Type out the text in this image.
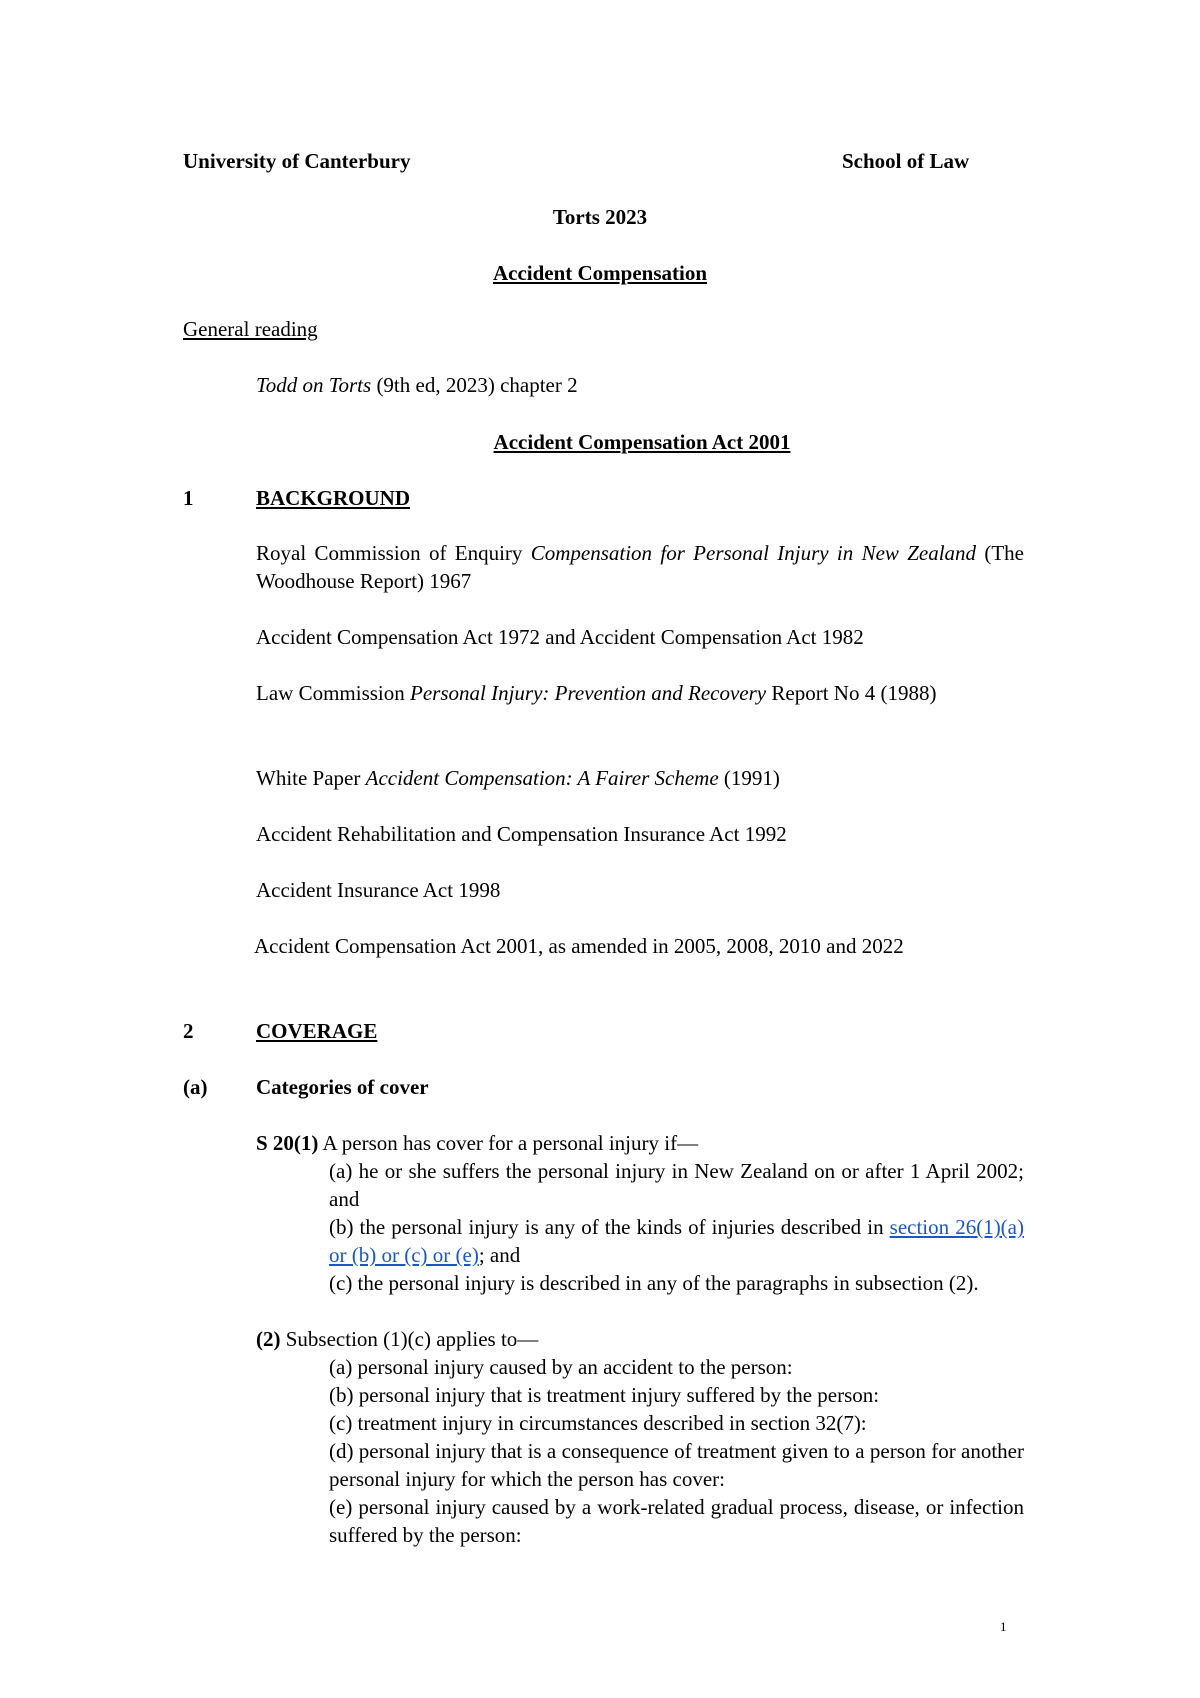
University of Canterbury	School of Law
Torts 2023
Accident Compensation
General reading
Todd on Torts (9th ed, 2023) chapter 2
Accident Compensation Act 2001
1	BACKGROUND
Royal Commission of Enquiry Compensation for Personal Injury in New Zealand (The Woodhouse Report) 1967
Accident Compensation Act 1972 and Accident Compensation Act 1982
Law Commission Personal Injury: Prevention and Recovery Report No 4 (1988)
White Paper Accident Compensation: A Fairer Scheme (1991)
Accident Rehabilitation and Compensation Insurance Act 1992
Accident Insurance Act 1998
Accident Compensation Act 2001, as amended in 2005, 2008, 2010 and 2022
2	COVERAGE
(a) Categories of cover
S 20(1) A person has cover for a personal injury if—
(a) he or she suffers the personal injury in New Zealand on or after 1 April 2002; and
(b) the personal injury is any of the kinds of injuries described in section 26(1)(a) or (b) or (c) or (e); and
(c) the personal injury is described in any of the paragraphs in subsection (2).
(2) Subsection (1)(c) applies to—
(a) personal injury caused by an accident to the person:
(b) personal injury that is treatment injury suffered by the person:
(c) treatment injury in circumstances described in section 32(7):
(d) personal injury that is a consequence of treatment given to a person for another personal injury for which the person has cover:
(e) personal injury caused by a work-related gradual process, disease, or infection suffered by the person:
1
